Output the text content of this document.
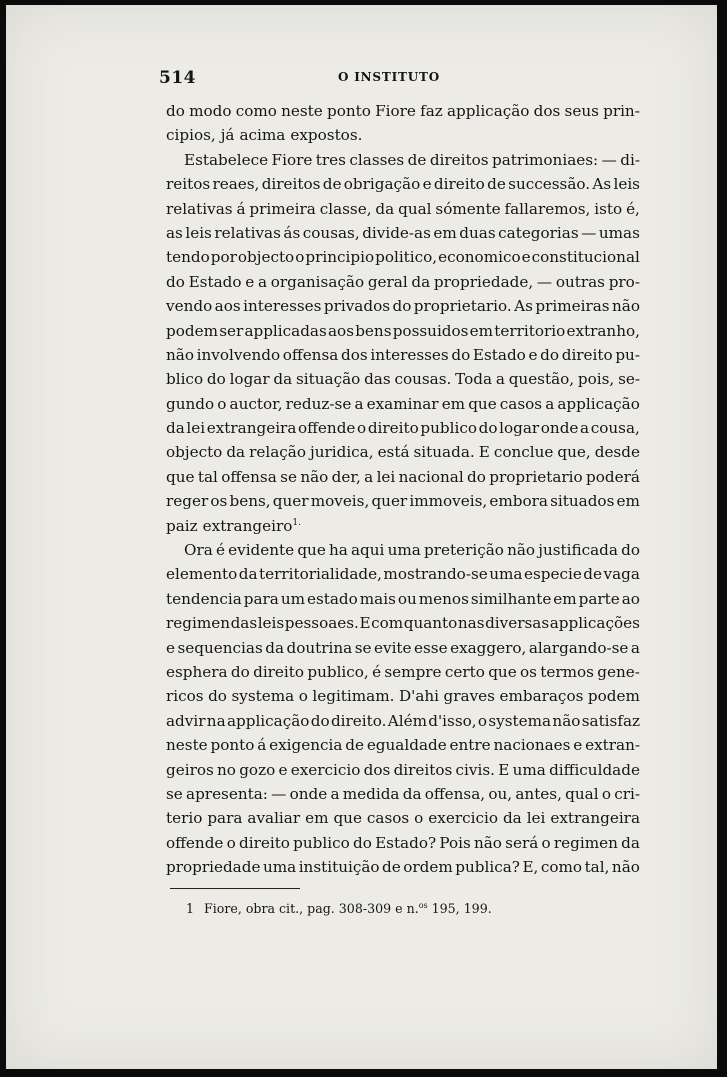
514	O INSTITUTO
do modo como neste ponto Fiore faz applicação dos seus prin-
cipios, já acima expostos.
Estabelece Fiore tres classes de direitos patrimoniaes: — di-
reitos reaes, direitos de obrigação e direito de successão. As leis
relativas á primeira classe, da qual sómente fallaremos, isto é,
as leis relativas ás cousas, divide-as em duas categorias — umas
tendo por objecto o principio politico, economico e constitucional
do Estado e a organisação geral da propriedade, — outras pro-
vendo aos interesses privados do proprietario. As primeiras não
podem ser applicadas aos bens possuidos em territorio extranho,
não involvendo offensa dos interesses do Estado e do direito pu-
blico do logar da situação das cousas. Toda a questão, pois, se-
gundo o auctor, reduz-se a examinar em que casos a applicação
da lei extrangeira offende o direito publico do logar onde a cousa,
objecto da relação juridica, está situada. E conclue que, desde
que tal offensa se não der, a lei nacional do proprietario poderá
reger os bens, quer moveis, quer immoveis, embora situados em
paiz extrangeiro$^{1.}$
Ora é evidente que ha aqui uma preterição não justificada do
elemento da territorialidade, mostrando-se uma especie de vaga
tendencia para um estado mais ou menos similhante em parte ao
regimen das leis pessoaes. E com quanto nas diversas applicações
e sequencias da doutrina se evite esse exaggero, alargando-se a
esphera do direito publico, é sempre certo que os termos gene-
ricos do systema o legitimam. D'ahi graves embaraços podem
advir na applicação do direito. Além d'isso, o systema não satisfaz
neste ponto á exigencia de egualdade entre nacionaes e extran-
geiros no gozo e exercicio dos direitos civis. E uma difficuldade
se apresenta: — onde a medida da offensa, ou, antes, qual o cri-
terio para avaliar em que casos o exercicio da lei extrangeira
offende o direito publico do Estado? Pois não será o regimen da
propriedade uma instituição de ordem publica? E, como tal, não
1 Fiore, obra cit., pag. 308-309 e n.$^{os}$ 195, 199.
